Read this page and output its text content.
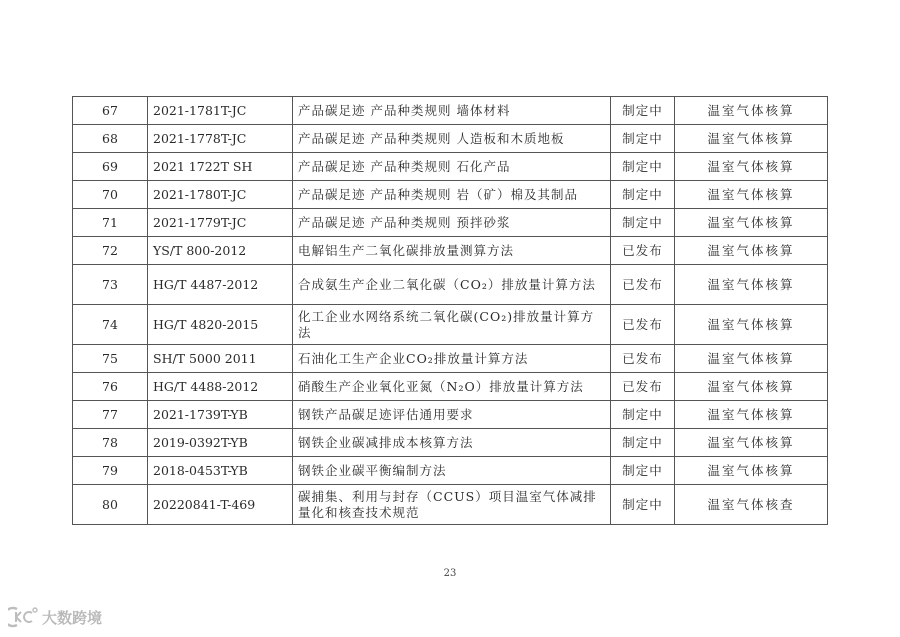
67	2021-1781T-JC	产品碳足迹 产品种类规则 墙体材料	制定中	温室气体核算
68	2021-1778T-JC	产品碳足迹 产品种类规则 人造板和木质地板	制定中	温室气体核算
69	2021 1722T SH	产品碳足迹 产品种类规则 石化产品	制定中	温室气体核算
70	2021-1780T-JC	产品碳足迹 产品种类规则 岩（矿）棉及其制品	制定中	温室气体核算
71	2021-1779T-JC	产品碳足迹 产品种类规则 预拌砂浆	制定中	温室气体核算
72	YS/T 800-2012	电解铝生产二氧化碳排放量测算方法	已发布	温室气体核算
73	HG/T 4487-2012	合成氨生产企业二氧化碳（CO₂）排放量计算方法	已发布	温室气体核算
74	HG/T 4820-2015	化工企业水网络系统二氧化碳(CO₂)排放量计算方法	已发布	温室气体核算
75	SH/T 5000 2011	石油化工生产企业CO₂排放量计算方法	已发布	温室气体核算
76	HG/T 4488-2012	硝酸生产企业氧化亚氮（N₂O）排放量计算方法	已发布	温室气体核算
77	2021-1739T-YB	钢铁产品碳足迹评估通用要求	制定中	温室气体核算
78	2019-0392T-YB	钢铁企业碳减排成本核算方法	制定中	温室气体核算
79	2018-0453T-YB	钢铁企业碳平衡编制方法	制定中	温室气体核算
80	20220841-T-469	碳捕集、利用与封存（CCUS）项目温室气体减排量化和核查技术规范	制定中	温室气体核查
23
大数跨境
